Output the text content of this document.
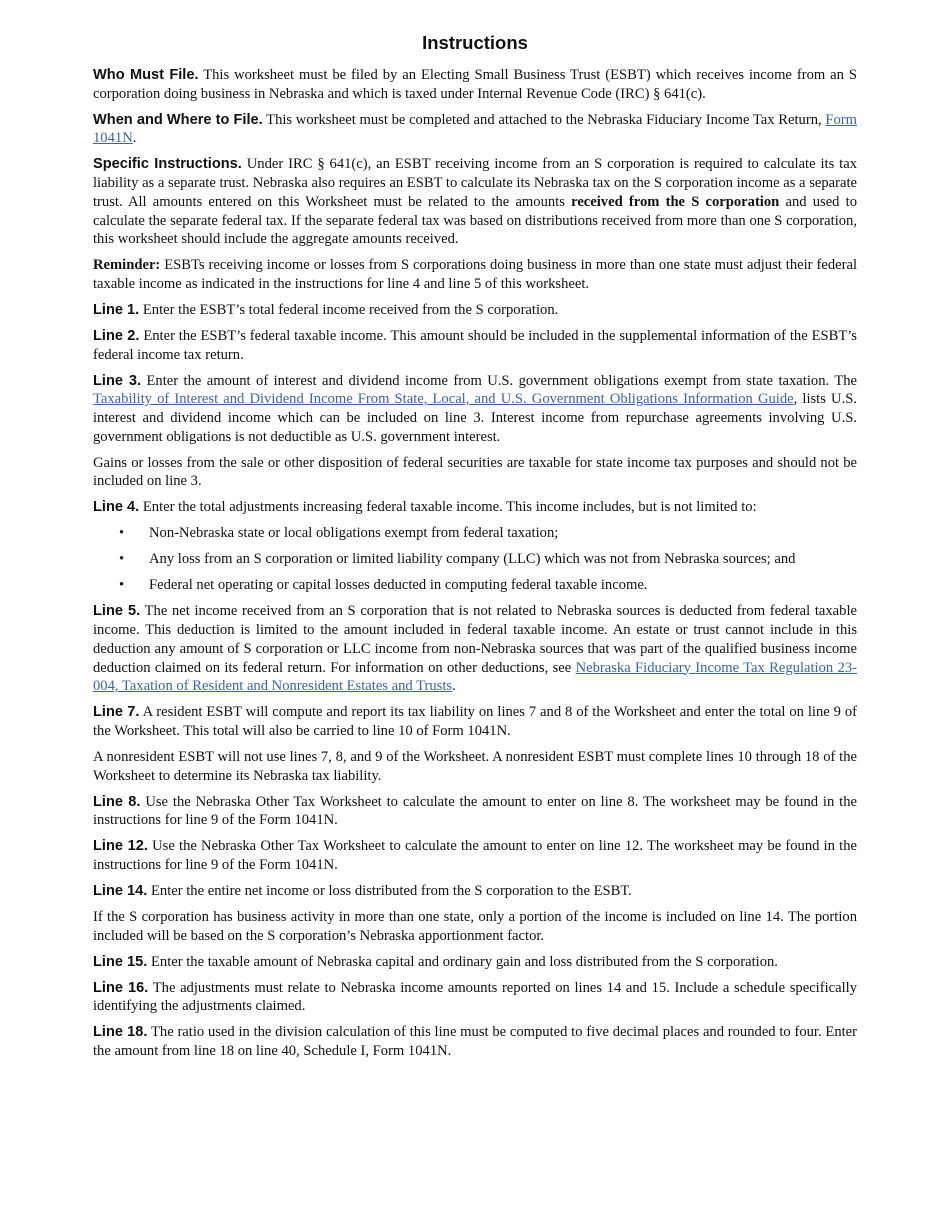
Instructions

Who Must File. This worksheet must be filed by an Electing Small Business Trust (ESBT) which receives income from an S corporation doing business in Nebraska and which is taxed under Internal Revenue Code (IRC) § 641(c).

When and Where to File. This worksheet must be completed and attached to the Nebraska Fiduciary Income Tax Return, Form 1041N.

Specific Instructions. Under IRC § 641(c), an ESBT receiving income from an S corporation is required to calculate its tax liability as a separate trust. Nebraska also requires an ESBT to calculate its Nebraska tax on the S corporation income as a separate trust. All amounts entered on this Worksheet must be related to the amounts received from the S corporation and used to calculate the separate federal tax. If the separate federal tax was based on distributions received from more than one S corporation, this worksheet should include the aggregate amounts received.

Reminder: ESBTs receiving income or losses from S corporations doing business in more than one state must adjust their federal taxable income as indicated in the instructions for line 4 and line 5 of this worksheet.

Line 1. Enter the ESBT’s total federal income received from the S corporation.

Line 2. Enter the ESBT’s federal taxable income. This amount should be included in the supplemental information of the ESBT’s federal income tax return.

Line 3. Enter the amount of interest and dividend income from U.S. government obligations exempt from state taxation. The Taxability of Interest and Dividend Income From State, Local, and U.S. Government Obligations Information Guide, lists U.S. interest and dividend income which can be included on line 3. Interest income from repurchase agreements involving U.S. government obligations is not deductible as U.S. government interest.

Gains or losses from the sale or other disposition of federal securities are taxable for state income tax purposes and should not be included on line 3.

Line 4. Enter the total adjustments increasing federal taxable income. This income includes, but is not limited to:

• Non-Nebraska state or local obligations exempt from federal taxation;
• Any loss from an S corporation or limited liability company (LLC) which was not from Nebraska sources; and
• Federal net operating or capital losses deducted in computing federal taxable income.

Line 5. The net income received from an S corporation that is not related to Nebraska sources is deducted from federal taxable income. This deduction is limited to the amount included in federal taxable income. An estate or trust cannot include in this deduction any amount of S corporation or LLC income from non-Nebraska sources that was part of the qualified business income deduction claimed on its federal return. For information on other deductions, see Nebraska Fiduciary Income Tax Regulation 23-004, Taxation of Resident and Nonresident Estates and Trusts.

Line 7. A resident ESBT will compute and report its tax liability on lines 7 and 8 of the Worksheet and enter the total on line 9 of the Worksheet. This total will also be carried to line 10 of Form 1041N.

A nonresident ESBT will not use lines 7, 8, and 9 of the Worksheet. A nonresident ESBT must complete lines 10 through 18 of the Worksheet to determine its Nebraska tax liability.

Line 8. Use the Nebraska Other Tax Worksheet to calculate the amount to enter on line 8. The worksheet may be found in the instructions for line 9 of the Form 1041N.

Line 12. Use the Nebraska Other Tax Worksheet to calculate the amount to enter on line 12. The worksheet may be found in the instructions for line 9 of the Form 1041N.

Line 14. Enter the entire net income or loss distributed from the S corporation to the ESBT.

If the S corporation has business activity in more than one state, only a portion of the income is included on line 14. The portion included will be based on the S corporation’s Nebraska apportionment factor.

Line 15. Enter the taxable amount of Nebraska capital and ordinary gain and loss distributed from the S corporation.

Line 16. The adjustments must relate to Nebraska income amounts reported on lines 14 and 15. Include a schedule specifically identifying the adjustments claimed.

Line 18. The ratio used in the division calculation of this line must be computed to five decimal places and rounded to four. Enter the amount from line 18 on line 40, Schedule I, Form 1041N.
